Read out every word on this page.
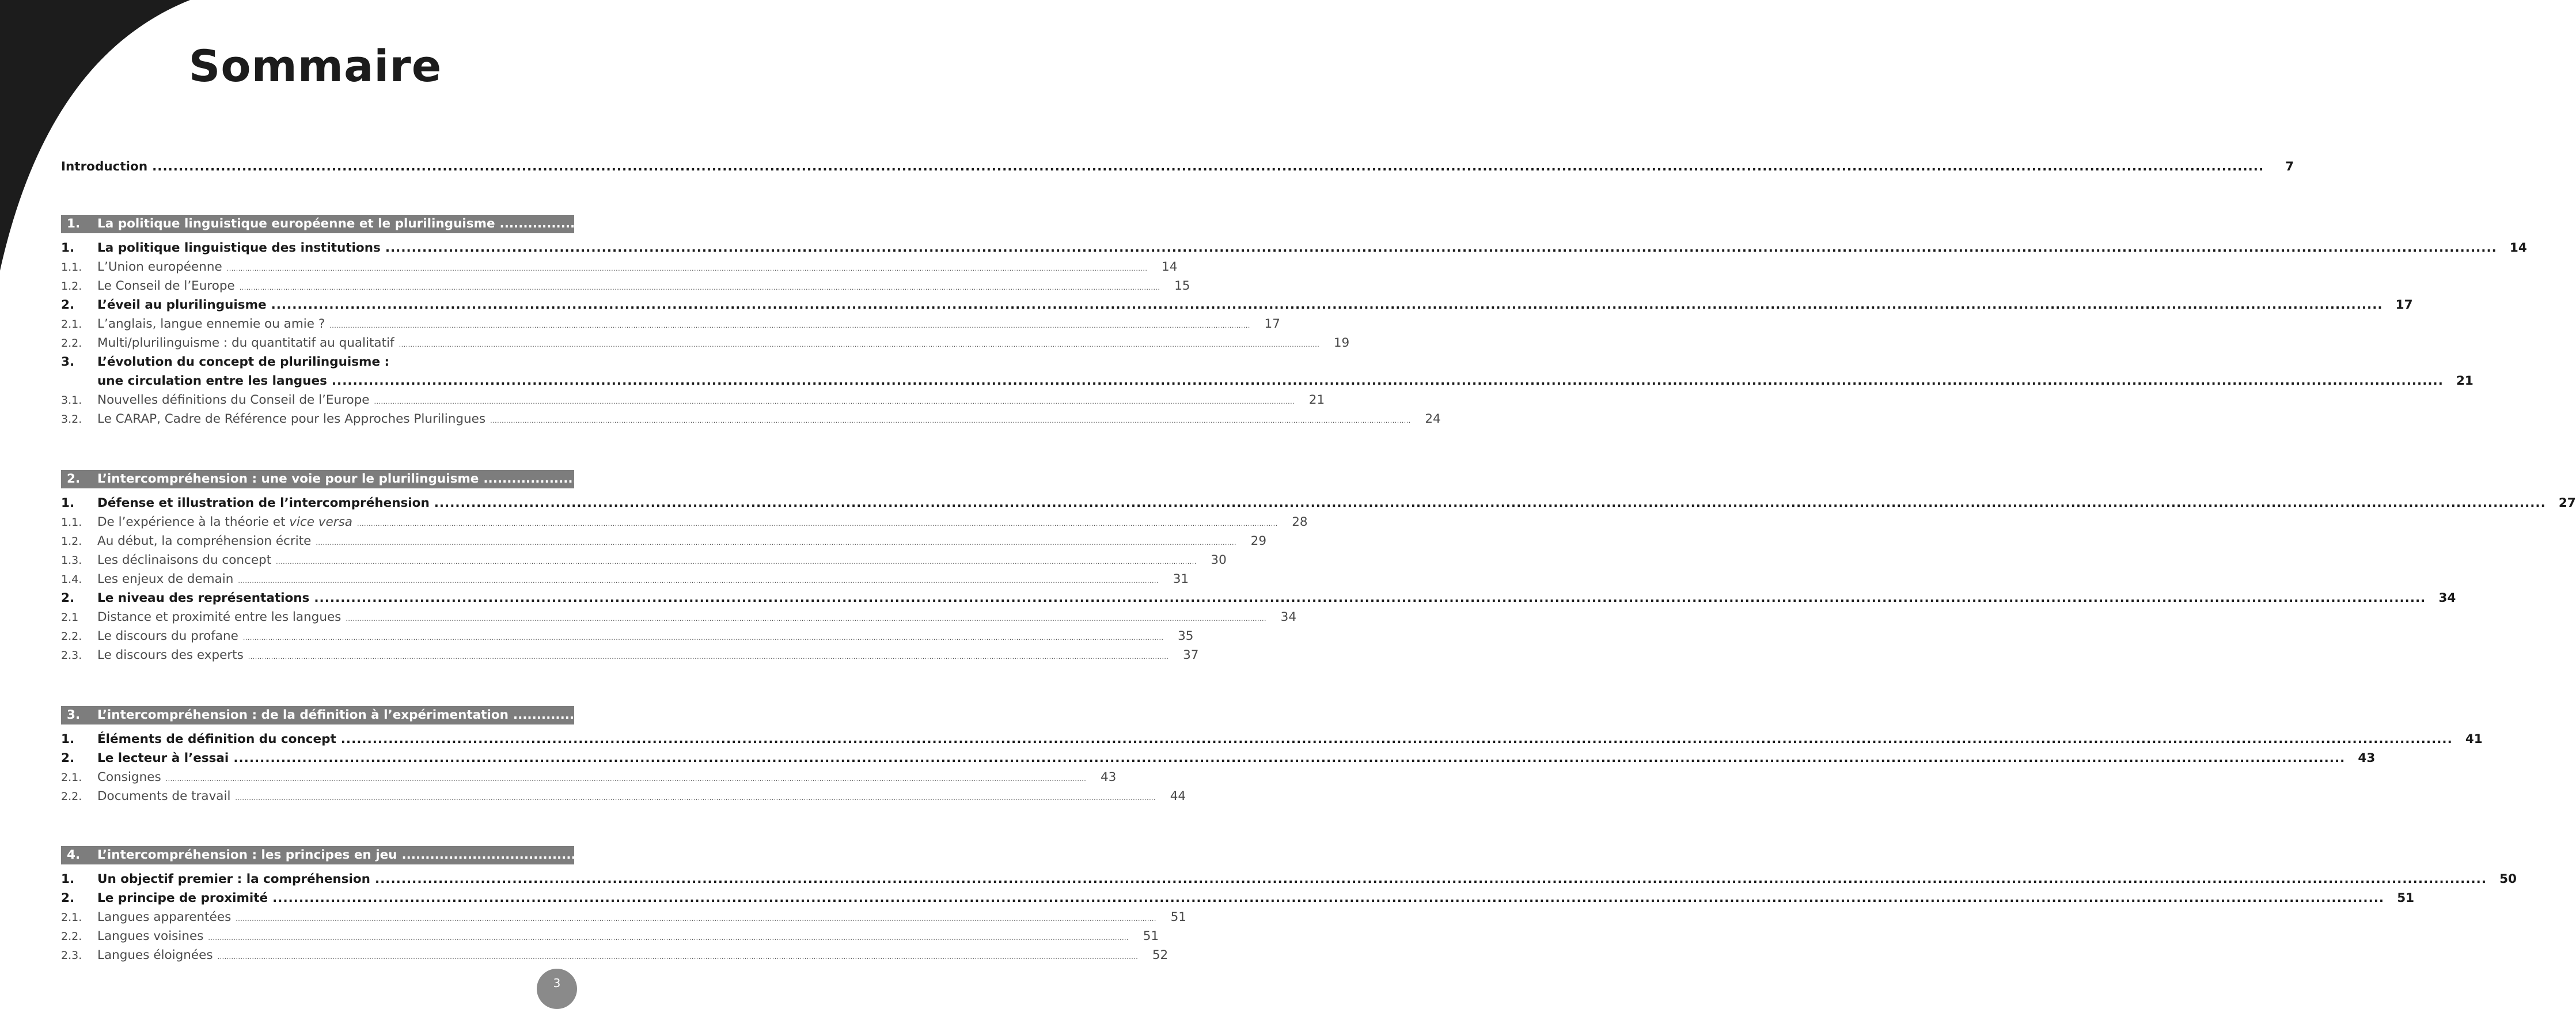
Sommaire
Introduction ................................................................................................................................................................................................................................................................................................................................................................................................................	7
1.	La politique linguistique européenne et le plurilinguisme ................................................................................................................................................................................................................................................................................................................................................................................................................	13
1.	La politique linguistique des institutions ................................................................................................................................................................................................................................................................................................................................................................................................................	14
1.1.	L’Union européenne ................................................................................................................................................................................................................................................................................................................................................................................................................	14
1.2.	Le Conseil de l’Europe ................................................................................................................................................................................................................................................................................................................................................................................................................	15
2.	L’éveil au plurilinguisme ................................................................................................................................................................................................................................................................................................................................................................................................................	17
2.1.	L’anglais, langue ennemie ou amie ? ................................................................................................................................................................................................................................................................................................................................................................................................................	17
2.2.	Multi/plurilinguisme : du quantitatif au qualitatif ................................................................................................................................................................................................................................................................................................................................................................................................................	19
3.	L’évolution du concept de plurilinguisme :
une circulation entre les langues ................................................................................................................................................................................................................................................................................................................................................................................................................	21
3.1.	Nouvelles définitions du Conseil de l’Europe ................................................................................................................................................................................................................................................................................................................................................................................................................	21
3.2.	Le CARAP, Cadre de Référence pour les Approches Plurilingues ................................................................................................................................................................................................................................................................................................................................................................................................................	24
2.	L’intercompréhension : une voie pour le plurilinguisme ................................................................................................................................................................................................................................................................................................................................................................................................................	27
1.	Défense et illustration de l’intercompréhension ................................................................................................................................................................................................................................................................................................................................................................................................................	27
1.1.	De l’expérience à la théorie et vice versa ................................................................................................................................................................................................................................................................................................................................................................................................................	28
1.2.	Au début, la compréhension écrite ................................................................................................................................................................................................................................................................................................................................................................................................................	29
1.3.	Les déclinaisons du concept ................................................................................................................................................................................................................................................................................................................................................................................................................	30
1.4.	Les enjeux de demain ................................................................................................................................................................................................................................................................................................................................................................................................................	31
2.	Le niveau des représentations ................................................................................................................................................................................................................................................................................................................................................................................................................	34
2.1	Distance et proximité entre les langues ................................................................................................................................................................................................................................................................................................................................................................................................................	34
2.2.	Le discours du profane ................................................................................................................................................................................................................................................................................................................................................................................................................	35
2.3.	Le discours des experts ................................................................................................................................................................................................................................................................................................................................................................................................................	37
3.	L’intercompréhension : de la définition à l’expérimentation ................................................................................................................................................................................................................................................................................................................................................................................................................	41
1.	Éléments de définition du concept ................................................................................................................................................................................................................................................................................................................................................................................................................	41
2.	Le lecteur à l’essai ................................................................................................................................................................................................................................................................................................................................................................................................................	43
2.1.	Consignes ................................................................................................................................................................................................................................................................................................................................................................................................................	43
2.2.	Documents de travail ................................................................................................................................................................................................................................................................................................................................................................................................................	44
4.	L’intercompréhension : les principes en jeu ................................................................................................................................................................................................................................................................................................................................................................................................................	49
1.	Un objectif premier : la compréhension ................................................................................................................................................................................................................................................................................................................................................................................................................	50
2.	Le principe de proximité ................................................................................................................................................................................................................................................................................................................................................................................................................	51
2.1.	Langues apparentées ................................................................................................................................................................................................................................................................................................................................................................................................................	51
2.2.	Langues voisines ................................................................................................................................................................................................................................................................................................................................................................................................................	51
2.3.	Langues éloignées ................................................................................................................................................................................................................................................................................................................................................................................................................	52
3
